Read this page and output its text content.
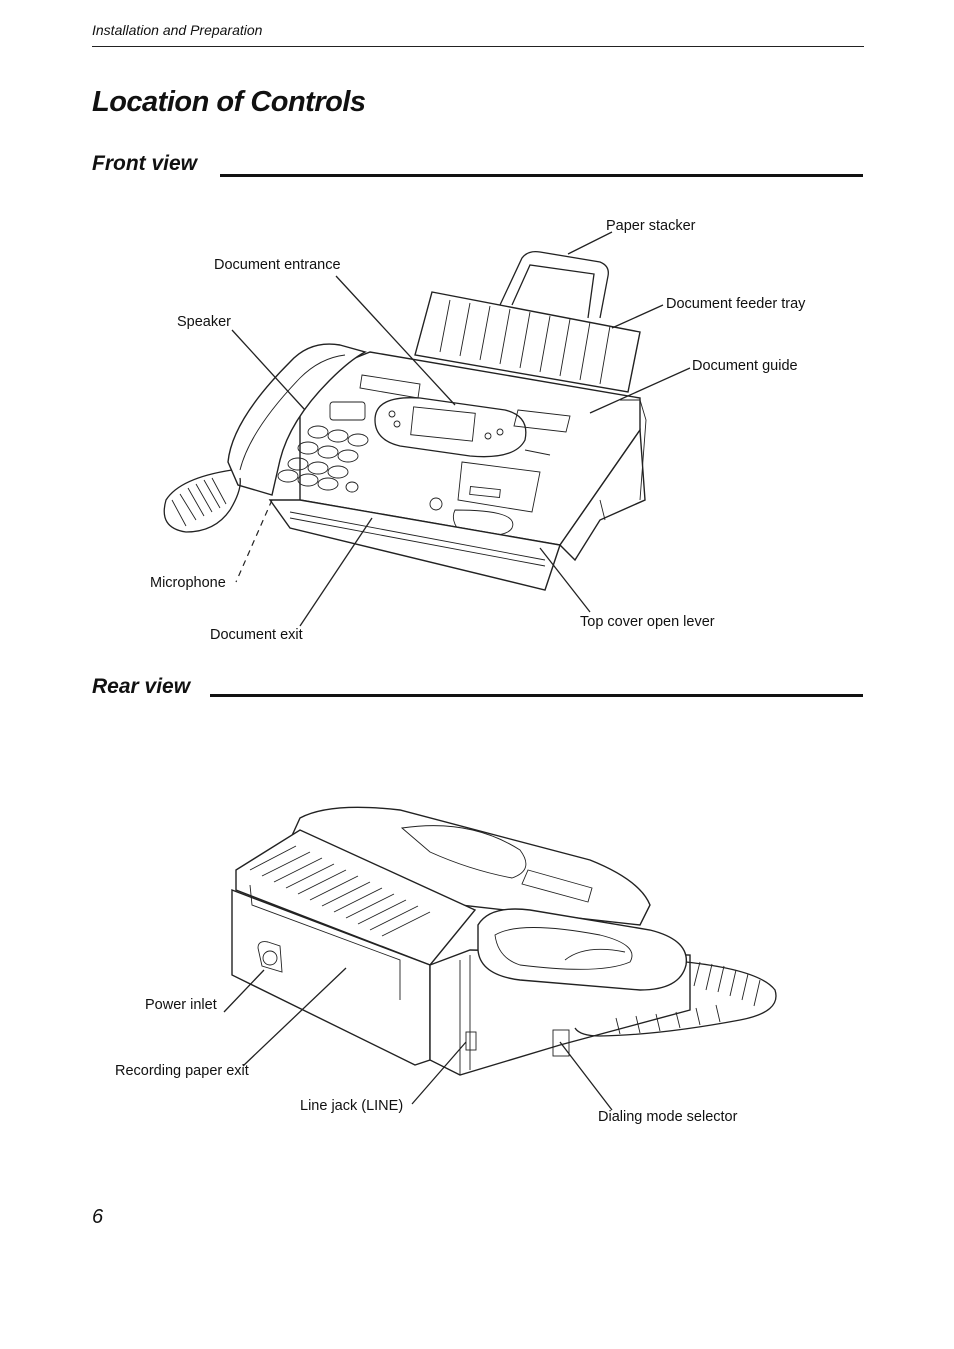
Installation and Preparation
Location of Controls
Front view
Paper stacker
Document entrance
Speaker
Document feeder tray
Document guide
Microphone
Document exit
Top cover open lever
Rear view
Power inlet
Recording paper exit
Line jack (LINE)
Dialing mode selector
6
